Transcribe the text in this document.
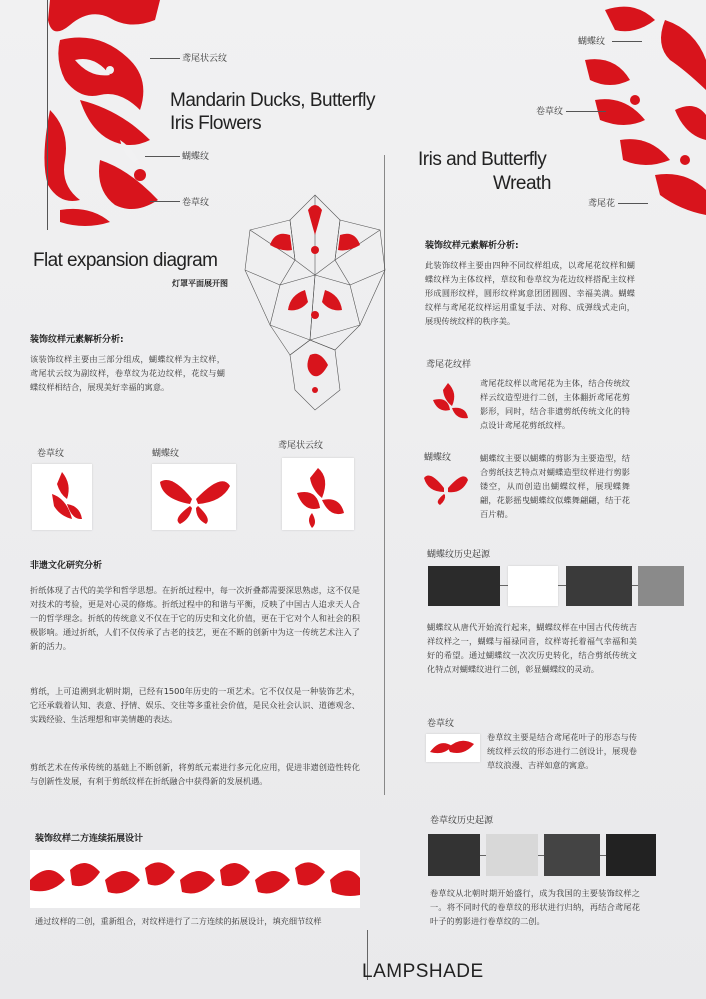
鸢尾状云纹
蝴蝶纹
卷草纹
Mandarin Ducks, Butterfly
Iris Flowers
蝴蝶纹
卷草纹
鸢尾花
Iris and Butterfly
Wreath
Flat expansion diagram
灯罩平面展开图
装饰纹样元素解析分析:
该装饰纹样主要由三部分组成，蝴蝶纹样为主纹样，鸢尾状云纹为副纹样，卷草纹为花边纹样，花纹与蝴蝶纹样相结合，展现美好幸福的寓意。
卷草纹	蝴蝶纹
鸢尾状云纹
非遗文化研究分析
折纸体现了古代的美学和哲学思想。在折纸过程中，每一次折叠都需要深思熟虑，这不仅是对技术的考验，更是对心灵的修炼。折纸过程中的和谐与平衡，反映了中国古人追求天人合一的哲学理念。折纸的传统意义不仅在于它的历史和文化价值，更在于它对个人和社会的积极影响。通过折纸，人们不仅传承了古老的技艺，更在不断的创新中为这一传统艺术注入了新的活力。
剪纸，上可追溯到北朝时期，已经有1500年历史的一项艺术。它不仅仅是一种装饰艺术，它还承载着认知、表意、抒情、娱乐、交往等多重社会价值，是民众社会认识、道德观念、实践经验、生活理想和审美情趣的表达。
剪纸艺术在传承传统的基础上不断创新，将剪纸元素进行多元化应用，促进非遗创造性转化与创新性发展，有利于剪纸纹样在折纸融合中获得新的发展机遇。
装饰纹样二方连续拓展设计
通过纹样的二创，重新组合，对纹样进行了二方连续的拓展设计，填充细节纹样
装饰纹样元素解析分析:
此装饰纹样主要由四种不同纹样组成，以鸢尾花纹样和蝴蝶纹样为主体纹样，草纹和卷草纹为花边纹样搭配主纹样形成圆形纹样，圆形纹样寓意团团圆圆、幸福美满。蝴蝶纹样与鸢尾花纹样运用重复手法、对称、成弹线式走向，展现传统纹样的秩序美。
鸢尾花纹样
鸢尾花纹样以鸢尾花为主体，结合传统纹样云纹造型进行二创，主体翻折鸢尾花剪影形，同时，结合非遗剪纸传统文化的特点设计鸢尾花剪纸纹样。
蝴蝶纹	蝴蝶纹主要以蝴蝶的剪影为主要造型，结合剪纸技艺特点对蝴蝶造型纹样进行剪影镂空，从而创造出蝴蝶纹样，展现蝶舞翩，花影摇曳蝴蝶纹似蝶舞翩翩，结于花百片精。
蝴蝶纹历史起源
蝴蝶纹从唐代开始流行起来，蝴蝶纹样在中国古代传统吉祥纹样之一，蝴蝶与福禄同音，纹样寄托着福气幸福和美好的希望。通过蝴蝶纹一次次历史转化，结合剪纸传统文化特点对蝴蝶纹进行二创，彰显蝴蝶纹的灵动。
卷草纹
卷草纹主要是结合鸢尾花叶子的形态与传统纹样云纹的形态进行二创设计，展现卷草纹浪漫、吉祥如意的寓意。
卷草纹历史起源
卷草纹从北朝时期开始盛行，成为我国的主要装饰纹样之一。将不同时代的卷草纹的形状进行归纳，再结合鸢尾花叶子的剪影进行卷草纹的二创。
LAMPSHADE
